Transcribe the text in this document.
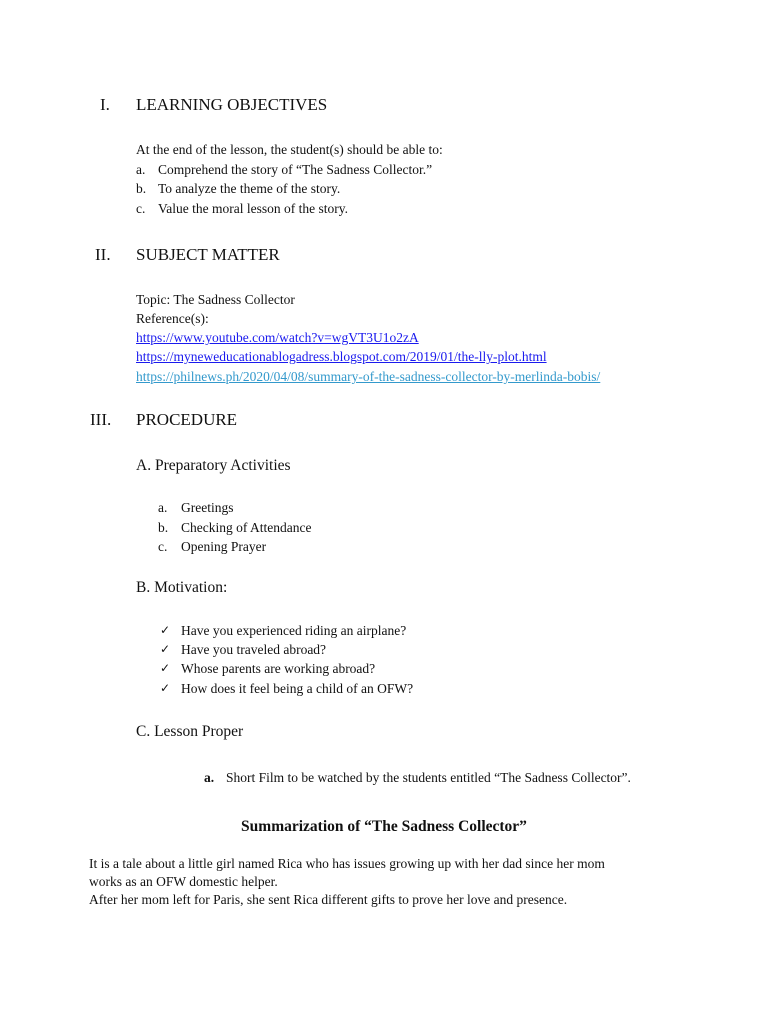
I. LEARNING OBJECTIVES
At the end of the lesson, the student(s) should be able to:
a. Comprehend the story of “The Sadness Collector.”
b. To analyze the theme of the story.
c. Value the moral lesson of the story.
II. SUBJECT MATTER
Topic: The Sadness Collector
Reference(s):
https://www.youtube.com/watch?v=wgVT3U1o2zA
https://myneweducationablogadress.blogspot.com/2019/01/the-lly-plot.html
https://philnews.ph/2020/04/08/summary-of-the-sadness-collector-by-merlinda-bobis/
III. PROCEDURE
A. Preparatory Activities
a. Greetings
b. Checking of Attendance
c. Opening Prayer
B. Motivation:
✓ Have you experienced riding an airplane?
✓ Have you traveled abroad?
✓ Whose parents are working abroad?
✓ How does it feel being a child of an OFW?
C. Lesson Proper
a. Short Film to be watched by the students entitled “The Sadness Collector”.
Summarization of “The Sadness Collector”
It is a tale about a little girl named Rica who has issues growing up with her dad since her mom
works as an OFW domestic helper.
After her mom left for Paris, she sent Rica different gifts to prove her love and presence.
